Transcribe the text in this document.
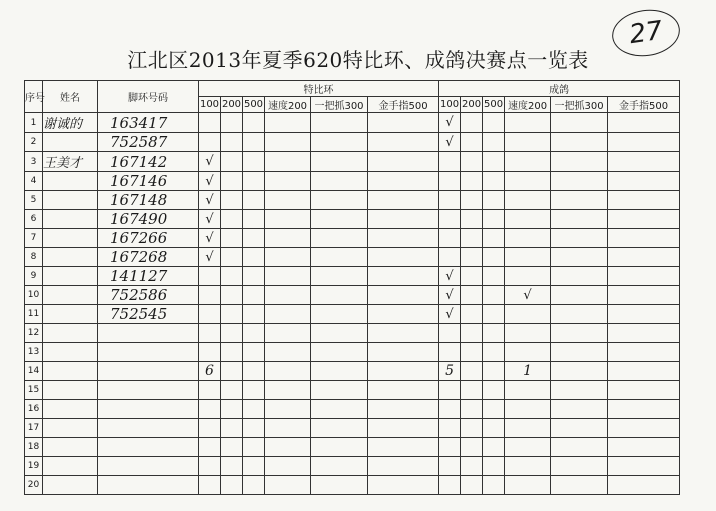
27
江北区2013年夏季620特比环、成鸽决赛点一览表
序号	姓名	脚环号码	特比环						成鸽					
			100	200	500	速度200	一把抓300	金手指500	100	200	500	速度200	一把抓300	金手指500
1	谢诚的	163417							√					
2		752587							√					
3	王美才	167142	√											
4		167146	√											
5		167148	√											
6		167490	√											
7		167266	√											
8		167268	√											
9		141127							√					
10		752586							√			√		
11		752545							√					
12														
13														
14			6						5			1		
15														
16														
17														
18														
19														
20														
